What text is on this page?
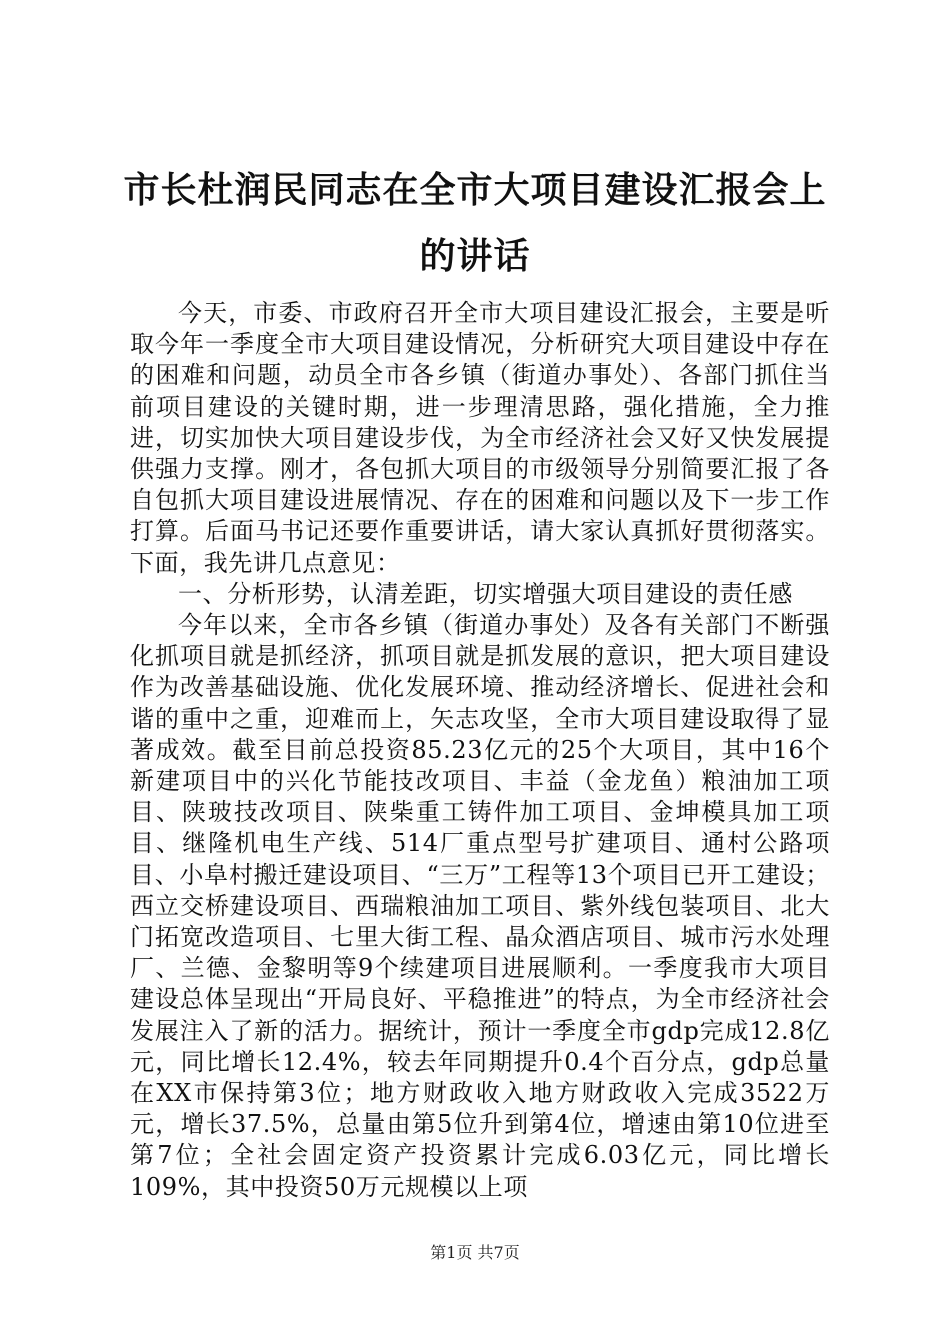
市长杜润民同志在全市大项目建设汇报会上的讲话

今天，市委、市政府召开全市大项目建设汇报会，主要是听取今年一季度全市大项目建设情况，分析研究大项目建设中存在的困难和问题，动员全市各乡镇（街道办事处）、各部门抓住当前项目建设的关键时期，进一步理清思路，强化措施，全力推进，切实加快大项目建设步伐，为全市经济社会又好又快发展提供强力支撑。刚才，各包抓大项目的市级领导分别简要汇报了各自包抓大项目建设进展情况、存在的困难和问题以及下一步工作打算。后面马书记还要作重要讲话，请大家认真抓好贯彻落实。下面，我先讲几点意见：

一、分析形势，认清差距，切实增强大项目建设的责任感

今年以来，全市各乡镇（街道办事处）及各有关部门不断强化抓项目就是抓经济，抓项目就是抓发展的意识，把大项目建设作为改善基础设施、优化发展环境、推动经济增长、促进社会和谐的重中之重，迎难而上，矢志攻坚，全市大项目建设取得了显著成效。截至目前总投资85.23亿元的25个大项目，其中16个新建项目中的兴化节能技改项目、丰益（金龙鱼）粮油加工项目、陕玻技改项目、陕柴重工铸件加工项目、金坤模具加工项目、继隆机电生产线、514厂重点型号扩建项目、通村公路项目、小阜村搬迁建设项目、“三万”工程等13个项目已开工建设；西立交桥建设项目、西瑞粮油加工项目、紫外线包装项目、北大门拓宽改造项目、七里大街工程、晶众酒店项目、城市污水处理厂、兰德、金黎明等9个续建项目进展顺利。一季度我市大项目建设总体呈现出“开局良好、平稳推进”的特点，为全市经济社会发展注入了新的活力。据统计，预计一季度全市gdp完成12.8亿元，同比增长12.4%，较去年同期提升0.4个百分点，gdp总量在XX市保持第3位；地方财政收入地方财政收入完成3522万元，增长37.5%，总量由第5位升到第4位，增速由第10位进至第7位；全社会固定资产投资累计完成6.03亿元，同比增长109%，其中投资50万元规模以上项

第1页 共7页
